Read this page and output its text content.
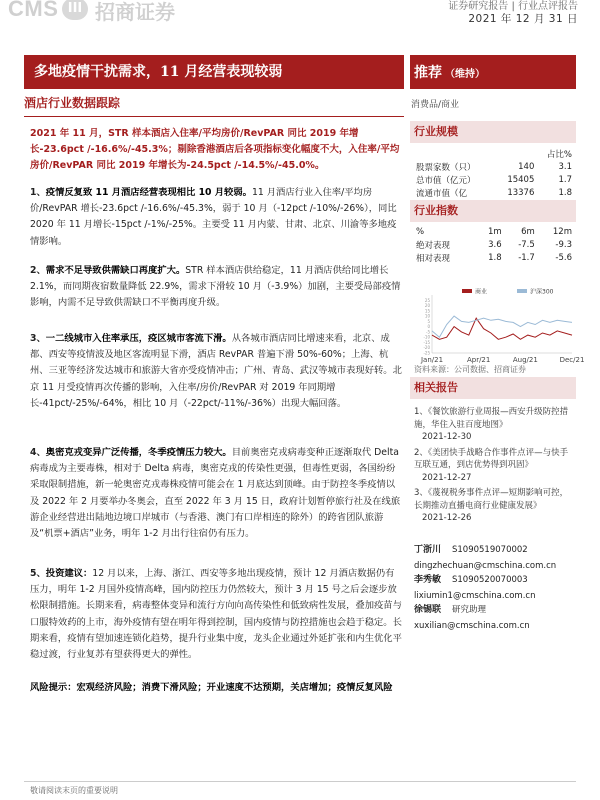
CMS III 招商证券	证券研究报告 | 行业点评报告
2021 年 12 月 31 日
多地疫情干扰需求，11 月经营表现较弱	推荐 （维持）
酒店行业数据跟踪	消费品/商业
2021 年 11 月，STR 样本酒店入住率/平均房价/RevPAR 同比 2019 年增长-23.6pct /-16.6%/-45.3%；剔除香港酒店后各项指标变化幅度不大，入住率/平均房价/RevPAR 同比 2019 年增长为-24.5pct /-14.5%/-45.0%。
1、疫情反复致 11 月酒店经营表现相比 10 月较弱。11 月酒店行业入住率/平均房价/RevPAR 增长-23.6pct /-16.6%/-45.3%，弱于 10 月（-12pct /-10%/-26%），同比 2020 年 11 月增长-15pct /-1%/-25%。主要受 11 月内蒙、甘肃、北京、川渝等多地疫情影响。
2、需求不足导致供需缺口再度扩大。STR 样本酒店供给稳定，11 月酒店供给同比增长 2.1%，而同期夜宿数量降低 22.9%，需求下滑较 10 月（-3.9%）加剧，主要受局部疫情影响，内需不足导致供需缺口不平衡再度升级。
3、一二线城市入住率承压，疫区城市客流下滑。从各城市酒店同比增速来看，北京、成都、西安等疫情波及地区客流明显下滑，酒店 RevPAR 普遍下滑 50%-60%；上海、杭州、三亚等经济发达城市和旅游大省亦受疫情冲击；广州、青岛、武汉等城市表现好转。北京 11 月受疫情再次传播的影响，入住率/房价/RevPAR 对 2019 年同期增长-41pct/-25%/-64%，相比 10 月（-22pct/-11%/-36%）出现大幅回落。
4、奥密克戎变异广泛传播，冬季疫情压力较大。目前奥密克戎病毒变种正逐渐取代 Delta 病毒成为主要毒株，相对于 Delta 病毒，奥密克戎的传染性更强，但毒性更弱，各国纷纷采取限制措施，新一轮奥密克戎毒株疫情可能会在 1 月底达到顶峰。由于防控冬季疫情以及 2022 年 2 月要举办冬奥会，直至 2022 年 3 月 15 日，政府计划暂停旅行社及在线旅游企业经营进出陆地边境口岸城市（与香港、澳门有口岸相连的除外）的跨省团队旅游及“机票+酒店”业务，明年 1-2 月出行往宿仍有压力。
5、投资建议：12 月以来，上海、浙江、西安等多地出现疫情，预计 12 月酒店数据仍有压力，明年 1-2 月国外疫情高峰，国内防控压力仍然较大，预计 3 月 15 号之后会逐步放松限制措施。长期来看，病毒整体变异和流行方向向高传染性和低致病性发展，叠加疫苗与口服特效药的上市，海外疫情有望在明年得到控制，国内疫情与防控措施也会趋于稳定。长期来看，疫情有望加速连锁化趋势，提升行业集中度，龙头企业通过外延扩张和内生优化平稳过渡，行业复苏有望获得更大的弹性。
风险提示：宏观经济风险；消费下滑风险；开业速度不达预期，关店增加；疫情反复风险
行业规模
		占比%
股票家数（只）	140	3.1
总市值（亿元）	15405	1.7
流通市值（亿	13376	1.8
行业指数
%	1m	6m	12m
绝对表现	3.6	-7.5	-9.3
相对表现	1.8	-1.7	-5.6
25
20
15
10
5
0
-5
-10
-15
-20
-25
Jan/21	Apr/21	Aug/21	Dec/21
商业	沪深300
资料来源：公司数据、招商证券
相关报告
1、《餐饮旅游行业周报—西安升级防控措施，华住入驻百度地图》
2021-12-30
2、《美团快手战略合作事件点评—与快手互联互通，到店优势得到巩固》
2021-12-27
3、《蔑视税务事件点评—短期影响可控，长期推动直播电商行业健康发展》
2021-12-26
丁浙川 S1090519070002
dingzhechuan@cmschina.com.cn
李秀敏 S1090520070003
lixiumin1@cmschina.com.cn
徐锡联 研究助理
xuxilian@cmschina.com.cn
敬请阅读末页的重要说明
